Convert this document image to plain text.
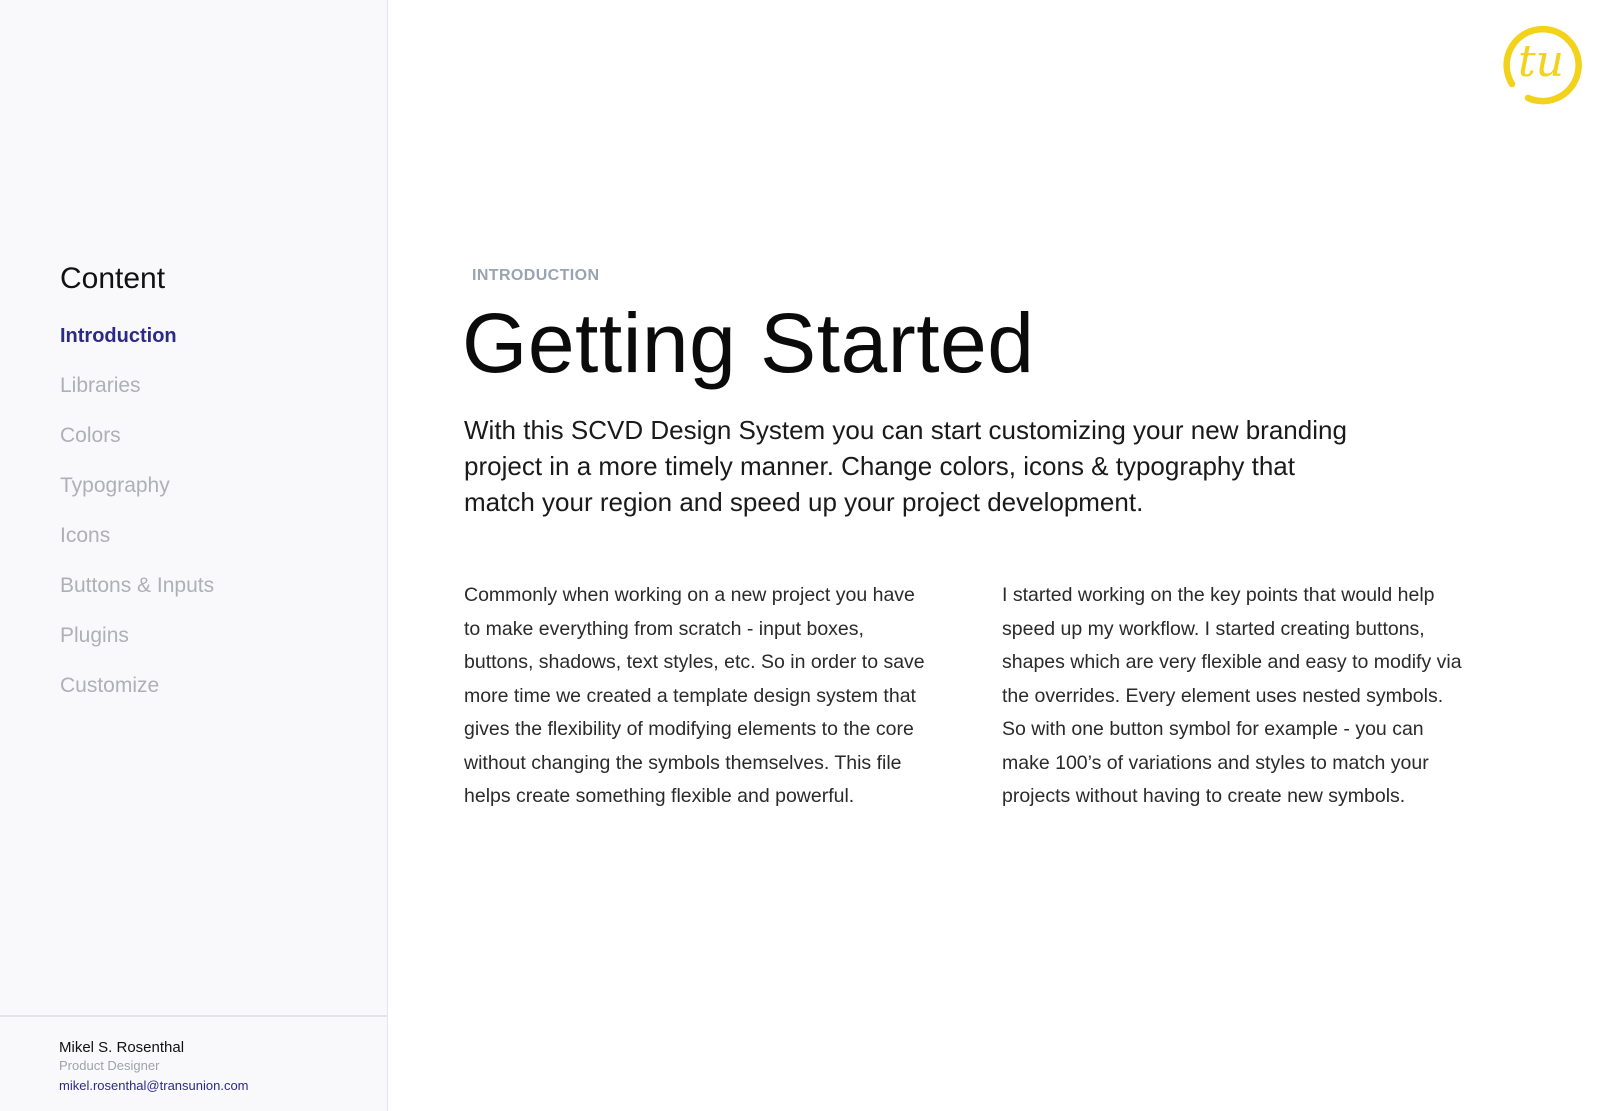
Content
Introduction
Libraries
Colors
Typography
Icons
Buttons & Inputs
Plugins
Customize
Mikel S. Rosenthal
Product Designer
mikel.rosenthal@transunion.com
tu
INTRODUCTION
Getting Started

With this SCVD Design System you can start customizing your new branding project in a more timely manner. Change colors, icons & typography that match your region and speed up your project development.

Commonly when working on a new project you have to make everything from scratch - input boxes, buttons, shadows, text styles, etc. So in order to save more time we created a template design system that gives the flexibility of modifying elements to the core without changing the symbols themselves. This file helps create something flexible and powerful.

I started working on the key points that would help speed up my workflow. I started creating buttons, shapes which are very flexible and easy to modify via the overrides. Every element uses nested symbols. So with one button symbol for example - you can make 100’s of variations and styles to match your projects without having to create new symbols.
